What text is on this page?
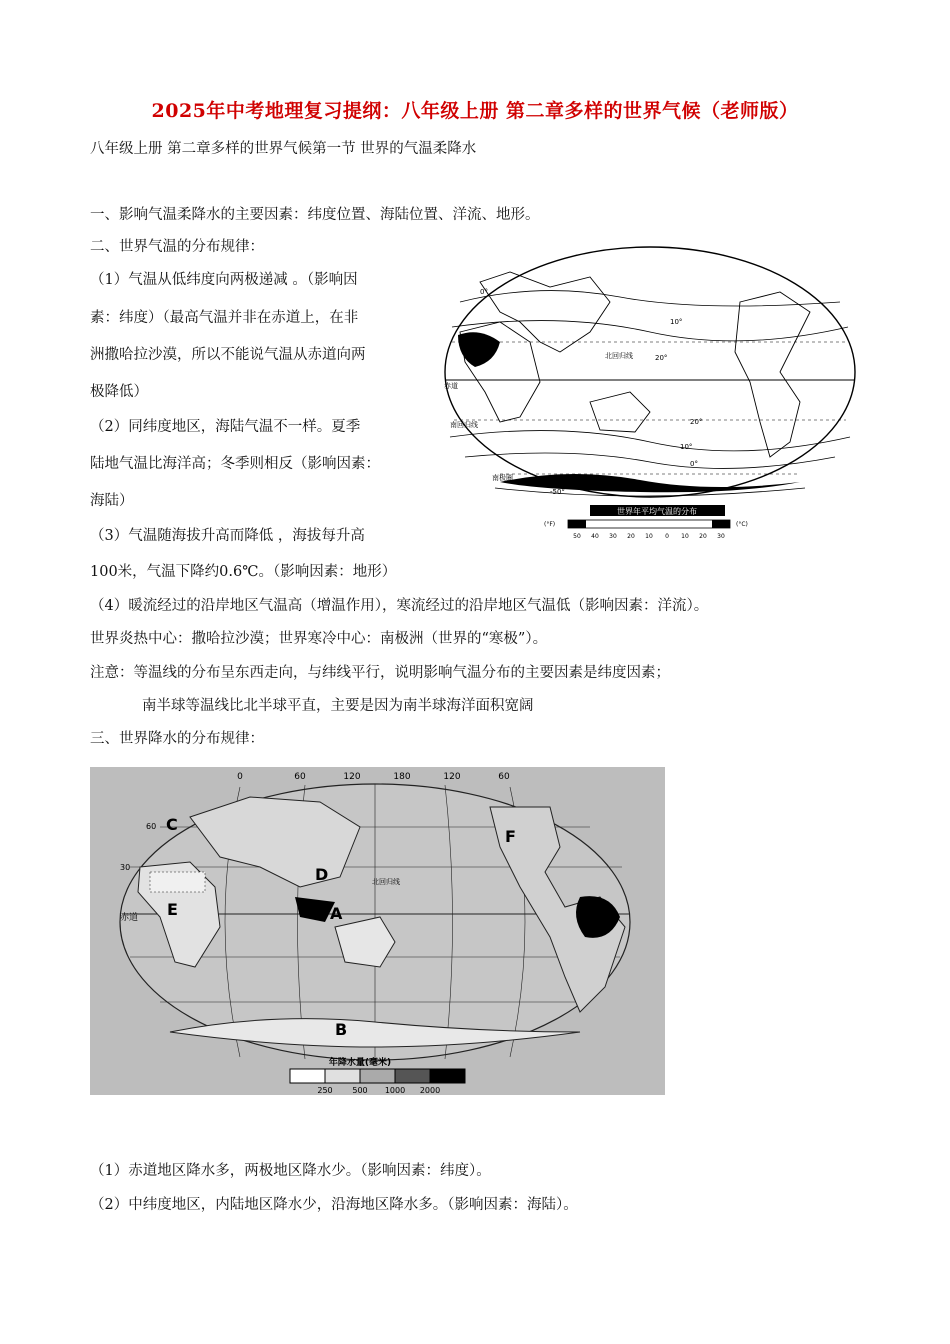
2025年中考地理复习提纲：八年级上册 第二章多样的世界气候（老师版）
八年级上册 第二章多样的世界气候第一节 世界的气温柔降水
一、影响气温柔降水的主要因素：纬度位置、海陆位置、洋流、地形。
二、世界气温的分布规律：
（1）气温从低纬度向两极递减 。（影响因
素：纬度）（最高气温并非在赤道上，在非
洲撒哈拉沙漠，所以不能说气温从赤道向两
极降低）
（2）同纬度地区，海陆气温不一样。夏季
陆地气温比海洋高；冬季则相反（影响因素：
海陆）
（3）气温随海拔升高而降低 ，海拔每升高
100米，气温下降约0.6℃。（影响因素：地形）
（4）暖流经过的沿岸地区气温高（增温作用），寒流经过的沿岸地区气温低（影响因素：洋流）。
世界炎热中心：撒哈拉沙漠；世界寒冷中心：南极洲（世界的“寒极”）。
注意：等温线的分布呈东西走向，与纬线平行，说明影响气温分布的主要因素是纬度因素；
南半球等温线比北半球平直，主要是因为南半球海洋面积宽阔
三、世界降水的分布规律：
北回归线
赤道
南回归线
南极圈
0°
10°
20°
20°
10°
0°
-50°
世界年平均气温的分布
(°F)	(°C)
50 40 30 20 10 0 10 20 30
0	60	120	180	120	60
60
30
赤道
北回归线
A
B
C
D
E
F
年降水量(毫米)
250 500 1000 2000
（1）赤道地区降水多，两极地区降水少。（影响因素：纬度）。
（2）中纬度地区，内陆地区降水少，沿海地区降水多。（影响因素：海陆）。
